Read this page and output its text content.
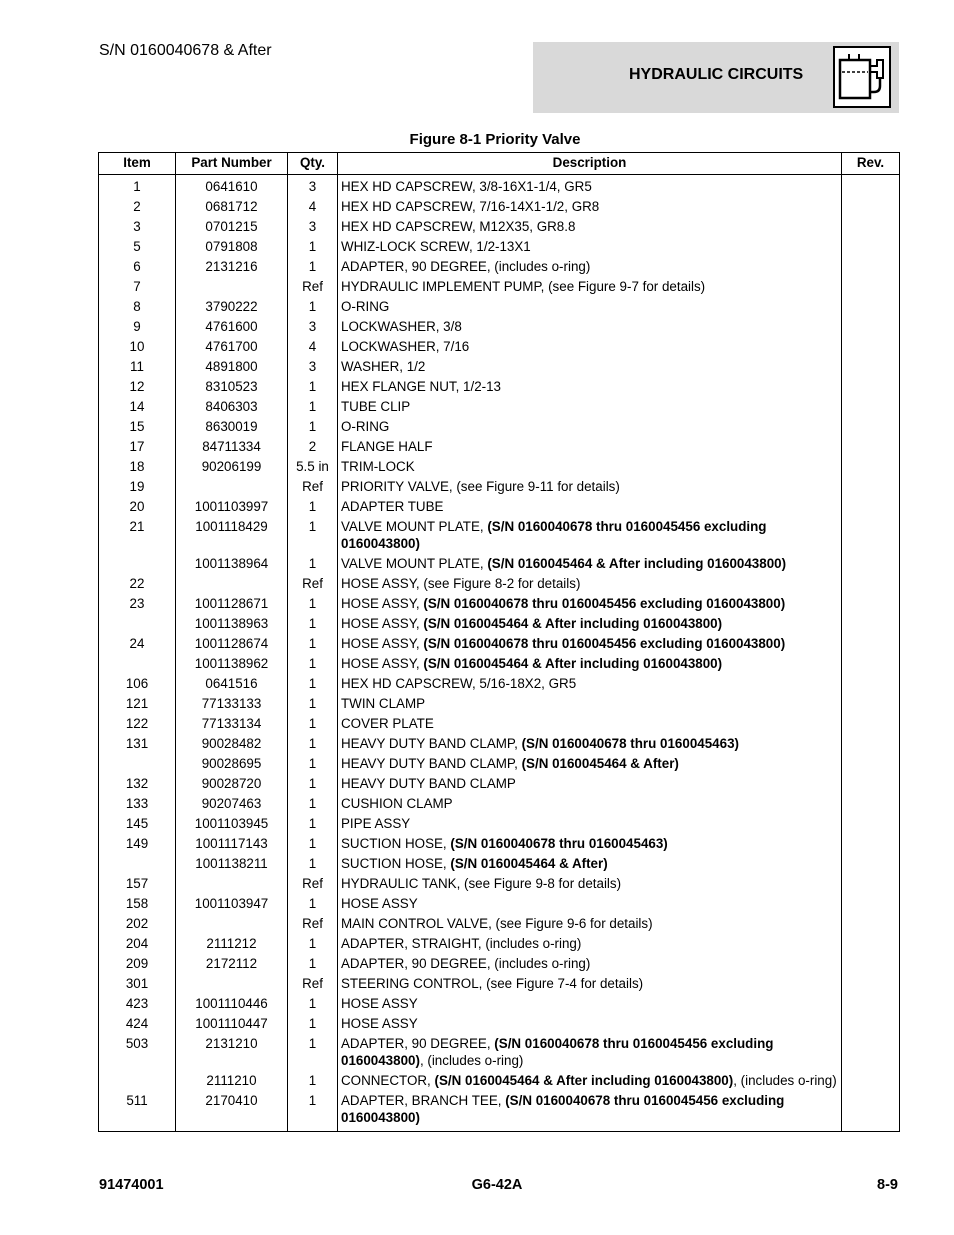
S/N 0160040678 & After
HYDRAULIC CIRCUITS
Figure 8-1 Priority Valve
Item	Part Number	Qty.	Description	Rev.
1	0641610	3	HEX HD CAPSCREW, 3/8-16X1-1/4, GR5	
2	0681712	4	HEX HD CAPSCREW, 7/16-14X1-1/2, GR8	
3	0701215	3	HEX HD CAPSCREW, M12X35, GR8.8	
5	0791808	1	WHIZ-LOCK SCREW, 1/2-13X1	
6	2131216	1	ADAPTER, 90 DEGREE, (includes o-ring)	
7		Ref	HYDRAULIC IMPLEMENT PUMP, (see Figure 9-7 for details)	
8	3790222	1	O-RING	
9	4761600	3	LOCKWASHER, 3/8	
10	4761700	4	LOCKWASHER, 7/16	
11	4891800	3	WASHER, 1/2	
12	8310523	1	HEX FLANGE NUT, 1/2-13	
14	8406303	1	TUBE CLIP	
15	8630019	1	O-RING	
17	84711334	2	FLANGE HALF	
18	90206199	5.5 in	TRIM-LOCK	
19		Ref	PRIORITY VALVE, (see Figure 9-11 for details)	
20	1001103997	1	ADAPTER TUBE	
21	1001118429	1	VALVE MOUNT PLATE, (S/N 0160040678 thru 0160045456 excluding 0160043800)	
	1001138964	1	VALVE MOUNT PLATE, (S/N 0160045464 & After including 0160043800)	
22		Ref	HOSE ASSY, (see Figure 8-2 for details)	
23	1001128671	1	HOSE ASSY, (S/N 0160040678 thru 0160045456 excluding 0160043800)	
	1001138963	1	HOSE ASSY, (S/N 0160045464 & After including 0160043800)	
24	1001128674	1	HOSE ASSY, (S/N 0160040678 thru 0160045456 excluding 0160043800)	
	1001138962	1	HOSE ASSY, (S/N 0160045464 & After including 0160043800)	
106	0641516	1	HEX HD CAPSCREW, 5/16-18X2, GR5	
121	77133133	1	TWIN CLAMP	
122	77133134	1	COVER PLATE	
131	90028482	1	HEAVY DUTY BAND CLAMP, (S/N 0160040678 thru 0160045463)	
	90028695	1	HEAVY DUTY BAND CLAMP, (S/N 0160045464 & After)	
132	90028720	1	HEAVY DUTY BAND CLAMP	
133	90207463	1	CUSHION CLAMP	
145	1001103945	1	PIPE ASSY	
149	1001117143	1	SUCTION HOSE, (S/N 0160040678 thru 0160045463)	
	1001138211	1	SUCTION HOSE, (S/N 0160045464 & After)	
157		Ref	HYDRAULIC TANK, (see Figure 9-8 for details)	
158	1001103947	1	HOSE ASSY	
202		Ref	MAIN CONTROL VALVE, (see Figure 9-6 for details)	
204	2111212	1	ADAPTER, STRAIGHT, (includes o-ring)	
209	2172112	1	ADAPTER, 90 DEGREE, (includes o-ring)	
301		Ref	STEERING CONTROL, (see Figure 7-4 for details)	
423	1001110446	1	HOSE ASSY	
424	1001110447	1	HOSE ASSY	
503	2131210	1	ADAPTER, 90 DEGREE, (S/N 0160040678 thru 0160045456 excluding 0160043800), (includes o-ring)	
	2111210	1	CONNECTOR, (S/N 0160045464 & After including 0160043800), (includes o-ring)	
511	2170410	1	ADAPTER, BRANCH TEE, (S/N 0160040678 thru 0160045456 excluding 0160043800)	
91474001	G6-42A	8-9
